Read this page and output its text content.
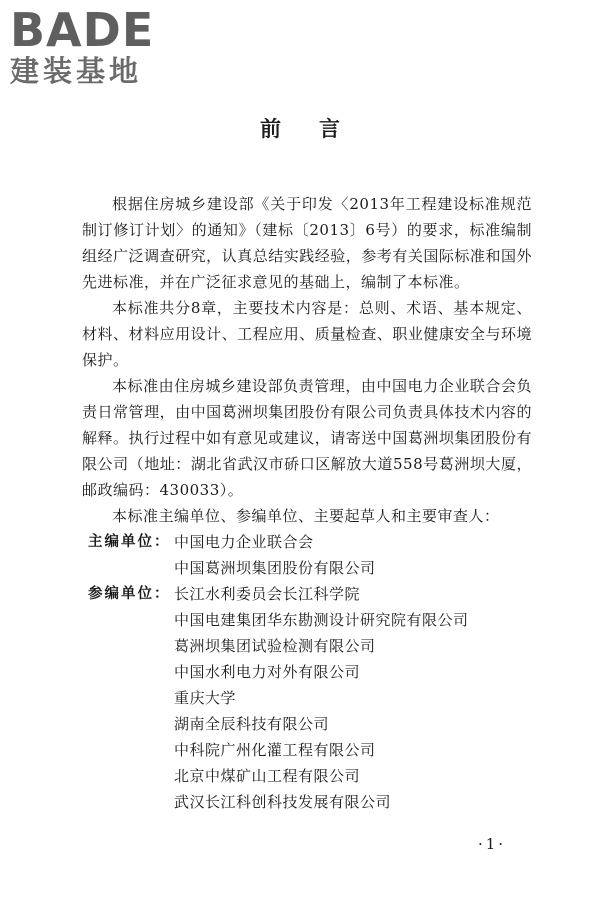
BADE
建装基地
前言

根据住房城乡建设部《关于印发〈2013年工程建设标准规范制订修订计划〉的通知》（建标〔2013〕6号）的要求，标准编制组经广泛调查研究，认真总结实践经验，参考有关国际标准和国外先进标准，并在广泛征求意见的基础上，编制了本标准。

本标准共分8章，主要技术内容是：总则、术语、基本规定、材料、材料应用设计、工程应用、质量检查、职业健康安全与环境保护。

本标准由住房城乡建设部负责管理，由中国电力企业联合会负责日常管理，由中国葛洲坝集团股份有限公司负责具体技术内容的解释。执行过程中如有意见或建议，请寄送中国葛洲坝集团股份有限公司（地址：湖北省武汉市硚口区解放大道558号葛洲坝大厦，邮政编码：430033）。

本标准主编单位、参编单位、主要起草人和主要审查人：

主编单位： 中国电力企业联合会
中国葛洲坝集团股份有限公司
参编单位： 长江水利委员会长江科学院
中国电建集团华东勘测设计研究院有限公司
葛洲坝集团试验检测有限公司
中国水利电力对外有限公司
重庆大学
湖南全辰科技有限公司
中科院广州化灌工程有限公司
北京中煤矿山工程有限公司
武汉长江科创科技发展有限公司
·1·
